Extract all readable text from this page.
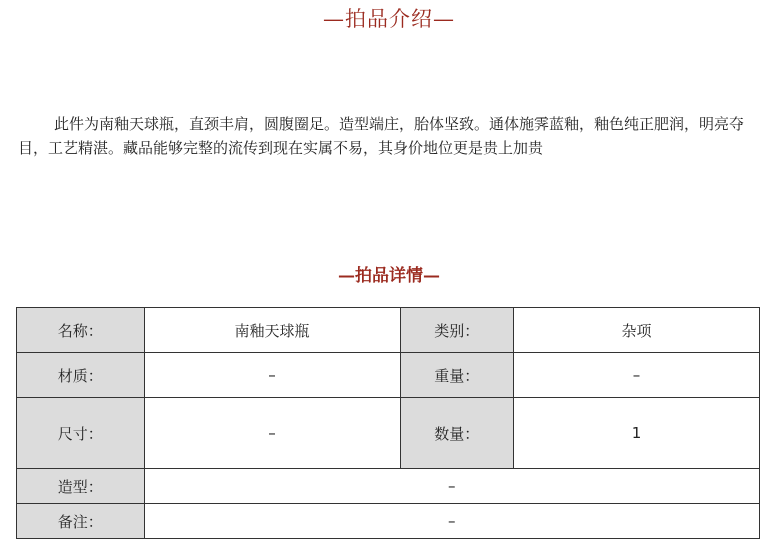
—拍品介绍—

此件为南釉天球瓶，直颈丰肩，圆腹圈足。造型端庄，胎体坚致。通体施霁蓝釉，釉色纯正肥润，明亮夺目，工艺精湛。藏品能够完整的流传到现在实属不易，其身价地位更是贵上加贵

—拍品详情—
名称：	南釉天球瓶	类别：	杂项
材质：	–	重量：	–
尺寸：	–	数量：	1
造型：	–		
备注：	–		
